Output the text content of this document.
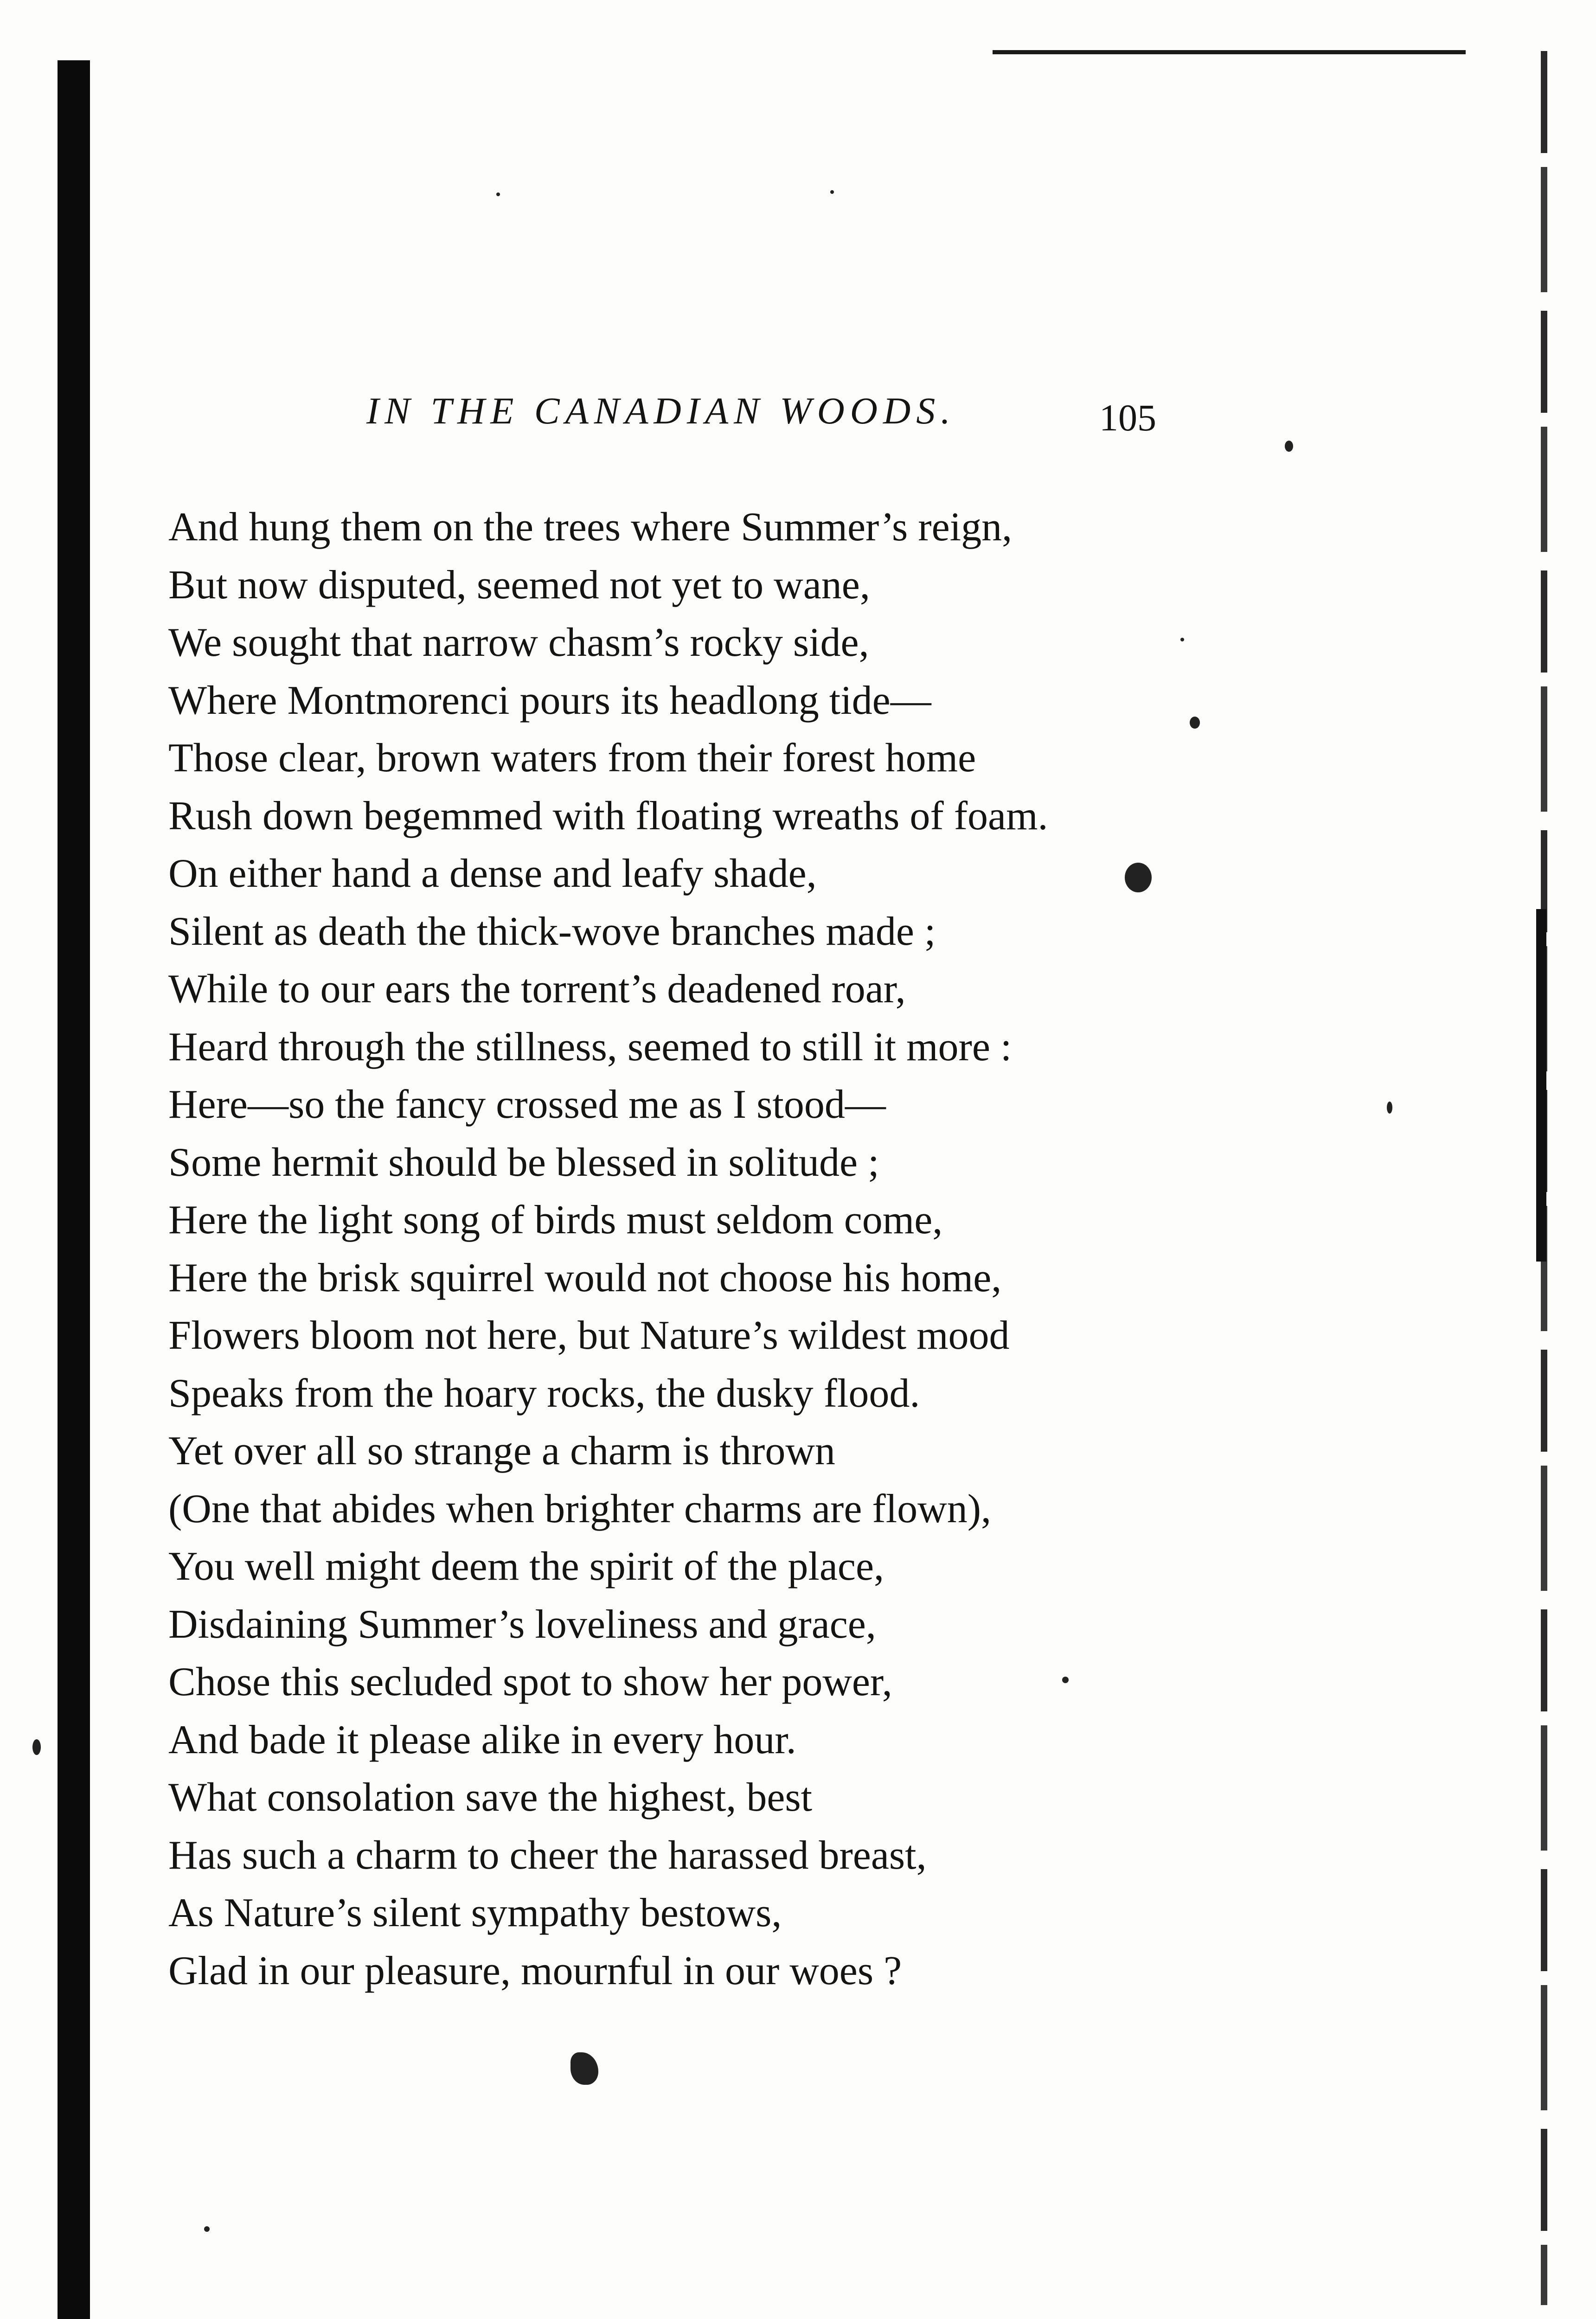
IN THE CANADIAN WOODS.	105
And hung them on the trees where Summer’s reign,
But now disputed, seemed not yet to wane,
We sought that narrow chasm’s rocky side,
Where Montmorenci pours its headlong tide—
Those clear, brown waters from their forest home
Rush down begemmed with floating wreaths of foam.
On either hand a dense and leafy shade,
Silent as death the thick-wove branches made ;
While to our ears the torrent’s deadened roar,
Heard through the stillness, seemed to still it more :
Here—so the fancy crossed me as I stood—
Some hermit should be blessed in solitude ;
Here the light song of birds must seldom come,
Here the brisk squirrel would not choose his home,
Flowers bloom not here, but Nature’s wildest mood
Speaks from the hoary rocks, the dusky flood.
Yet over all so strange a charm is thrown
(One that abides when brighter charms are flown),
You well might deem the spirit of the place,
Disdaining Summer’s loveliness and grace,
Chose this secluded spot to show her power,
And bade it please alike in every hour.
What consolation save the highest, best
Has such a charm to cheer the harassed breast,
As Nature’s silent sympathy bestows,
Glad in our pleasure, mournful in our woes ?
